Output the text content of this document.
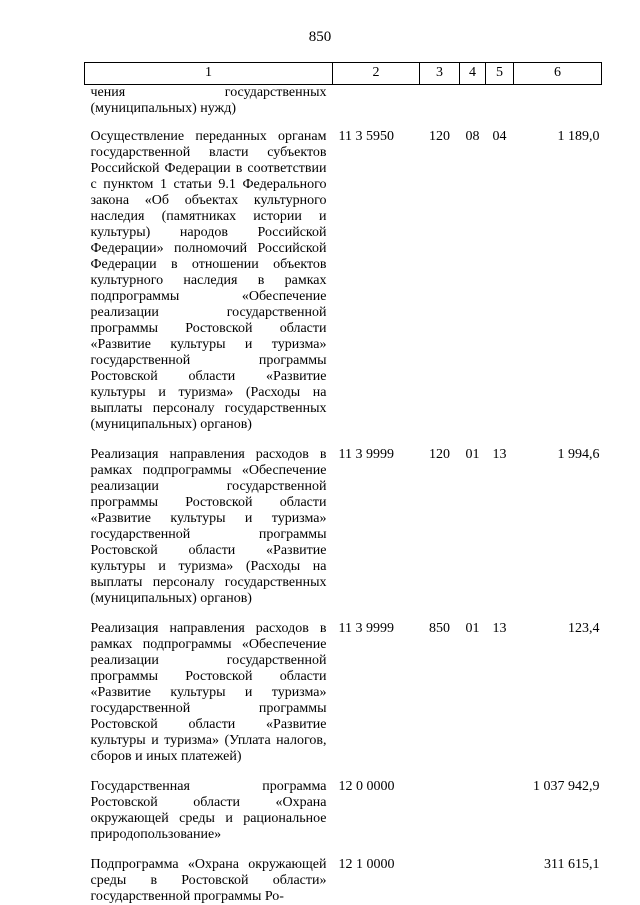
850
1	2	3	4	5	6
чения государственных (муниципальных) нужд)					
Осуществление переданных органам государственной власти субъектов Российской Федерации в соответствии с пунктом 1 статьи 9.1 Федерального закона «Об объектах культурного наследия (памятниках истории и культуры) народов Российской Федерации» полномочий Российской Федерации в отношении объектов культурного наследия в рамках подпрограммы «Обеспечение реализации государственной программы Ростовской области «Развитие культуры и туризма» государственной программы Ростовской области «Развитие культуры и туризма» (Расходы на выплаты персоналу государственных (муниципальных) органов)	11 3 5950	120	08	04	1 189,0
Реализация направления расходов в рамках подпрограммы «Обеспечение реализации государственной программы Ростовской области «Развитие культуры и туризма» государственной программы Ростовской области «Развитие культуры и туризма» (Расходы на выплаты персоналу государственных (муниципальных) органов)	11 3 9999	120	01	13	1 994,6
Реализация направления расходов в рамках подпрограммы «Обеспечение реализации государственной программы Ростовской области «Развитие культуры и туризма» государственной программы Ростовской области «Развитие культуры и туризма» (Уплата налогов, сборов и иных платежей)	11 3 9999	850	01	13	123,4
Государственная программа Ростовской области «Охрана окружающей среды и рациональное природопользование»	12 0 0000				1 037 942,9
Подпрограмма «Охрана окружающей среды в Ростовской области» государственной программы Ро-	12 1 0000				311 615,1
